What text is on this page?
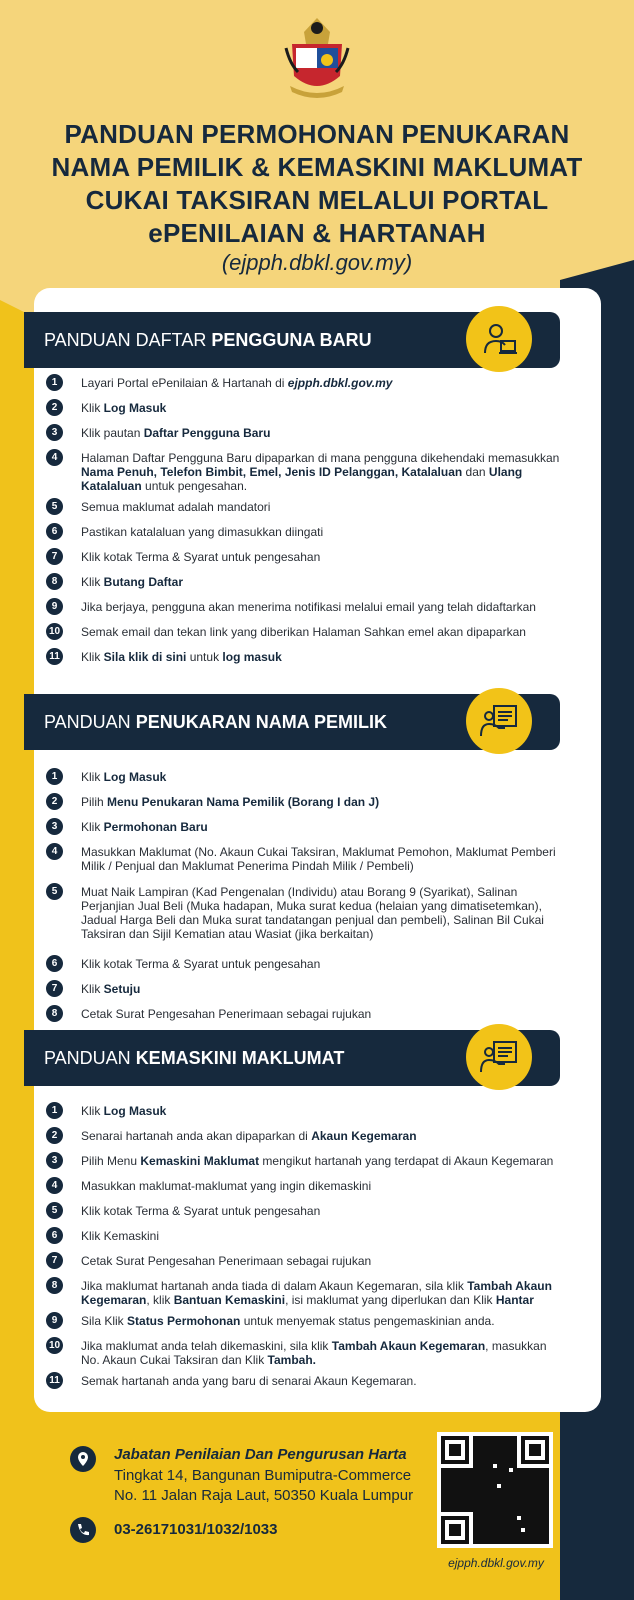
PANDUAN PERMOHONAN PENUKARAN
NAMA PEMILIK & KEMASKINI MAKLUMAT
CUKAI TAKSIRAN MELALUI PORTAL
ePENILAIAN & HARTANAH
(ejpph.dbkl.gov.my)
PANDUAN DAFTAR PENGGUNA BARU
1	Layari Portal ePenilaian & Hartanah di ejpph.dbkl.gov.my
2	Klik Log Masuk
3	Klik pautan Daftar Pengguna Baru
4	Halaman Daftar Pengguna Baru dipaparkan di mana pengguna dikehendaki memasukkan Nama Penuh, Telefon Bimbit, Emel, Jenis ID Pelanggan, Katalaluan dan Ulang Katalaluan untuk pengesahan.
5	Semua maklumat adalah mandatori
6	Pastikan katalaluan yang dimasukkan diingati
7	Klik kotak Terma & Syarat untuk pengesahan
8	Klik Butang Daftar
9	Jika berjaya, pengguna akan menerima notifikasi melalui email yang telah didaftarkan
10 Semak email dan tekan link yang diberikan Halaman Sahkan emel akan dipaparkan
11 Klik Sila klik di sini untuk log masuk
PANDUAN PENUKARAN NAMA PEMILIK
1	Klik Log Masuk
2	Pilih Menu Penukaran Nama Pemilik (Borang I dan J)
3	Klik Permohonan Baru
4	Masukkan Maklumat (No. Akaun Cukai Taksiran, Maklumat Pemohon, Maklumat Pemberi Milik / Penjual dan Maklumat Penerima Pindah Milik / Pembeli)
5	Muat Naik Lampiran (Kad Pengenalan (Individu) atau Borang 9 (Syarikat), Salinan Perjanjian Jual Beli (Muka hadapan, Muka surat kedua (helaian yang dimatisetemkan), Jadual Harga Beli dan Muka surat tandatangan penjual dan pembeli), Salinan Bil Cukai Taksiran dan Sijil Kematian atau Wasiat (jika berkaitan)
6	Klik kotak Terma & Syarat untuk pengesahan
7	Klik Setuju
8	Cetak Surat Pengesahan Penerimaan sebagai rujukan
PANDUAN KEMASKINI MAKLUMAT
1	Klik Log Masuk
2	Senarai hartanah anda akan dipaparkan di Akaun Kegemaran
3	Pilih Menu Kemaskini Maklumat mengikut hartanah yang terdapat di Akaun Kegemaran
4	Masukkan maklumat-maklumat yang ingin dikemaskini
5	Klik kotak Terma & Syarat untuk pengesahan
6	Klik Kemaskini
7	Cetak Surat Pengesahan Penerimaan sebagai rujukan
8	Jika maklumat hartanah anda tiada di dalam Akaun Kegemaran, sila klik Tambah Akaun Kegemaran, klik Bantuan Kemaskini, isi maklumat yang diperlukan dan Klik Hantar
9	Sila Klik Status Permohonan untuk menyemak status pengemaskinian anda.
10 Jika maklumat anda telah dikemaskini, sila klik Tambah Akaun Kegemaran, masukkan No. Akaun Cukai Taksiran dan Klik Tambah.
11 Semak hartanah anda yang baru di senarai Akaun Kegemaran.
Jabatan Penilaian Dan Pengurusan Harta
Tingkat 14, Bangunan Bumiputra-Commerce
No. 11 Jalan Raja Laut, 50350 Kuala Lumpur
03-26171031/1032/1033
ejpph.dbkl.gov.my
